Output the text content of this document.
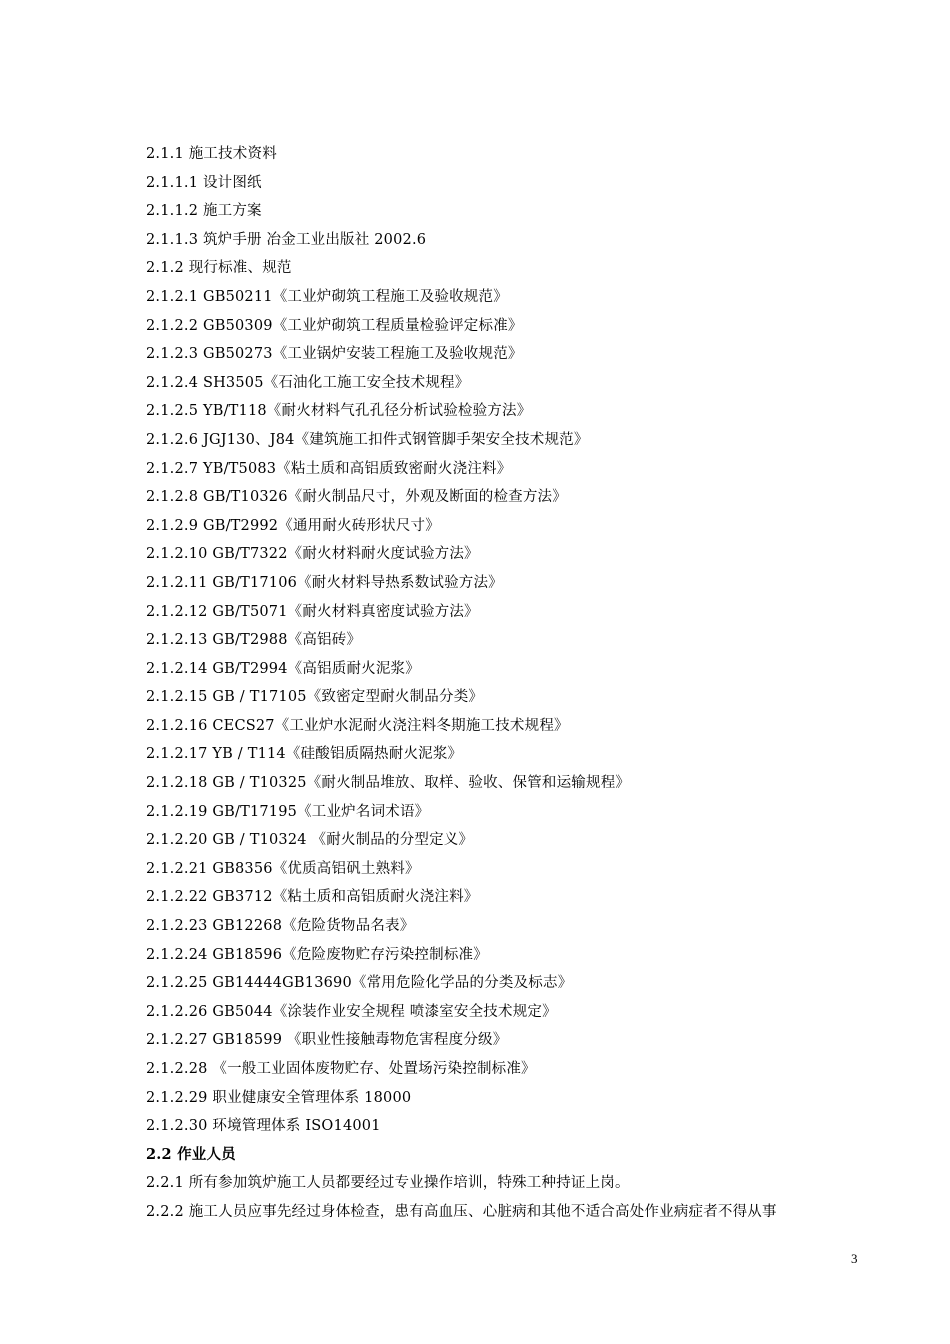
2.1.1 施工技术资料
2.1.1.1 设计图纸
2.1.1.2 施工方案
2.1.1.3 筑炉手册 冶金工业出版社 2002.6
2.1.2 现行标准、规范
2.1.2.1 GB50211《工业炉砌筑工程施工及验收规范》
2.1.2.2 GB50309《工业炉砌筑工程质量检验评定标准》
2.1.2.3 GB50273《工业锅炉安装工程施工及验收规范》
2.1.2.4 SH3505《石油化工施工安全技术规程》
2.1.2.5 YB/T118《耐火材料气孔孔径分析试验检验方法》
2.1.2.6 JGJ130、J84《建筑施工扣件式钢管脚手架安全技术规范》
2.1.2.7 YB/T5083《粘土质和高铝质致密耐火浇注料》
2.1.2.8 GB/T10326《耐火制品尺寸，外观及断面的检查方法》
2.1.2.9 GB/T2992《通用耐火砖形状尺寸》
2.1.2.10 GB/T7322《耐火材料耐火度试验方法》
2.1.2.11 GB/T17106《耐火材料导热系数试验方法》
2.1.2.12 GB/T5071《耐火材料真密度试验方法》
2.1.2.13 GB/T2988《高铝砖》
2.1.2.14 GB/T2994《高铝质耐火泥浆》
2.1.2.15 GB / T17105《致密定型耐火制品分类》
2.1.2.16 CECS27《工业炉水泥耐火浇注料冬期施工技术规程》
2.1.2.17 YB / T114《硅酸铝质隔热耐火泥浆》
2.1.2.18 GB / T10325《耐火制品堆放、取样、验收、保管和运输规程》
2.1.2.19 GB/T17195《工业炉名词术语》
2.1.2.20 GB / T10324 《耐火制品的分型定义》
2.1.2.21 GB8356《优质高铝矾土熟料》
2.1.2.22 GB3712《粘土质和高铝质耐火浇注料》
2.1.2.23 GB12268《危险货物品名表》
2.1.2.24 GB18596《危险废物贮存污染控制标准》
2.1.2.25 GB14444GB13690《常用危险化学品的分类及标志》
2.1.2.26 GB5044《涂装作业安全规程 喷漆室安全技术规定》
2.1.2.27 GB18599 《职业性接触毒物危害程度分级》
2.1.2.28 《一般工业固体废物贮存、处置场污染控制标准》
2.1.2.29 职业健康安全管理体系 18000
2.1.2.30 环境管理体系 ISO14001
2.2 作业人员
2.2.1 所有参加筑炉施工人员都要经过专业操作培训，特殊工种持证上岗。
2.2.2 施工人员应事先经过身体检查，患有高血压、心脏病和其他不适合高处作业病症者不得从事
3
